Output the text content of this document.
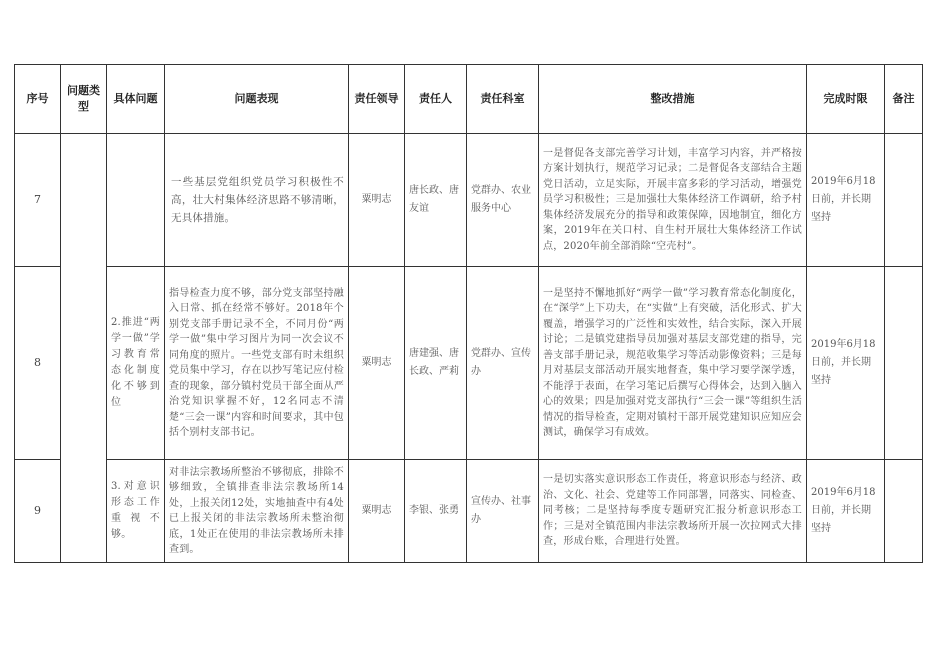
序号	问题类型	具体问题	问题表现	责任领导	责任人	责任科室	整改措施	完成时限	备注
7			一些基层党组织党员学习积极性不高，壮大村集体经济思路不够清晰，无具体措施。	粟明志	唐长政、唐友谊	党群办、农业服务中心	一是督促各支部完善学习计划，丰富学习内容，并严格按方案计划执行，规范学习记录；二是督促各支部结合主题党日活动，立足实际，开展丰富多彩的学习活动，增强党员学习积极性；三是加强壮大集体经济工作调研，给予村集体经济发展充分的指导和政策保障，因地制宜，细化方案，2019年在关口村、自生村开展壮大集体经济工作试点，2020年前全部消除“空壳村”。	2019年6月18日前，并长期坚持	
8		2.推进“两学一做”学习教育常态化制度化不够到位	指导检查力度不够，部分党支部坚持融入日常、抓在经常不够好。2018年个别党支部手册记录不全，不同月份“两学一做”集中学习图片为同一次会议不同角度的照片。一些党支部有时未组织党员集中学习，存在以抄写笔记应付检查的现象，部分镇村党员干部全面从严治党知识掌握不好，12名同志不清楚“三会一课”内容和时间要求，其中包括个别村支部书记。	粟明志	唐建强、唐长政、严莉	党群办、宣传办	一是坚持不懈地抓好“两学一做”学习教育常态化制度化，在“深学”上下功夫，在“实做”上有突破，活化形式、扩大覆盖，增强学习的广泛性和实效性，结合实际，深入开展讨论；二是镇党建指导员加强对基层支部党建的指导，完善支部手册记录，规范收集学习等活动影像资料；三是每月对基层支部活动开展实地督查，集中学习要学深学透，不能浮于表面，在学习笔记后撰写心得体会，达到入脑入心的效果；四是加强对党支部执行“三会一课”等组织生活情况的指导检查，定期对镇村干部开展党建知识应知应会测试，确保学习有成效。	2019年6月18日前，并长期坚持	
9		3.对意识形态工作重视不够。	对非法宗教场所整治不够彻底，排除不够细致，全镇排查非法宗教场所14处，上报关闭12处，实地抽查中有4处已上报关闭的非法宗教场所未整治彻底，1处正在使用的非法宗教场所未排查到。	粟明志	李银、张勇	宣传办、社事办	一是切实落实意识形态工作责任，将意识形态与经济、政治、文化、社会、党建等工作同部署，同落实、同检查、同考核；二是坚持每季度专题研究汇报分析意识形态工作；三是对全镇范围内非法宗教场所开展一次拉网式大排查，形成台账，合理进行处置。	2019年6月18日前，并长期坚持	
